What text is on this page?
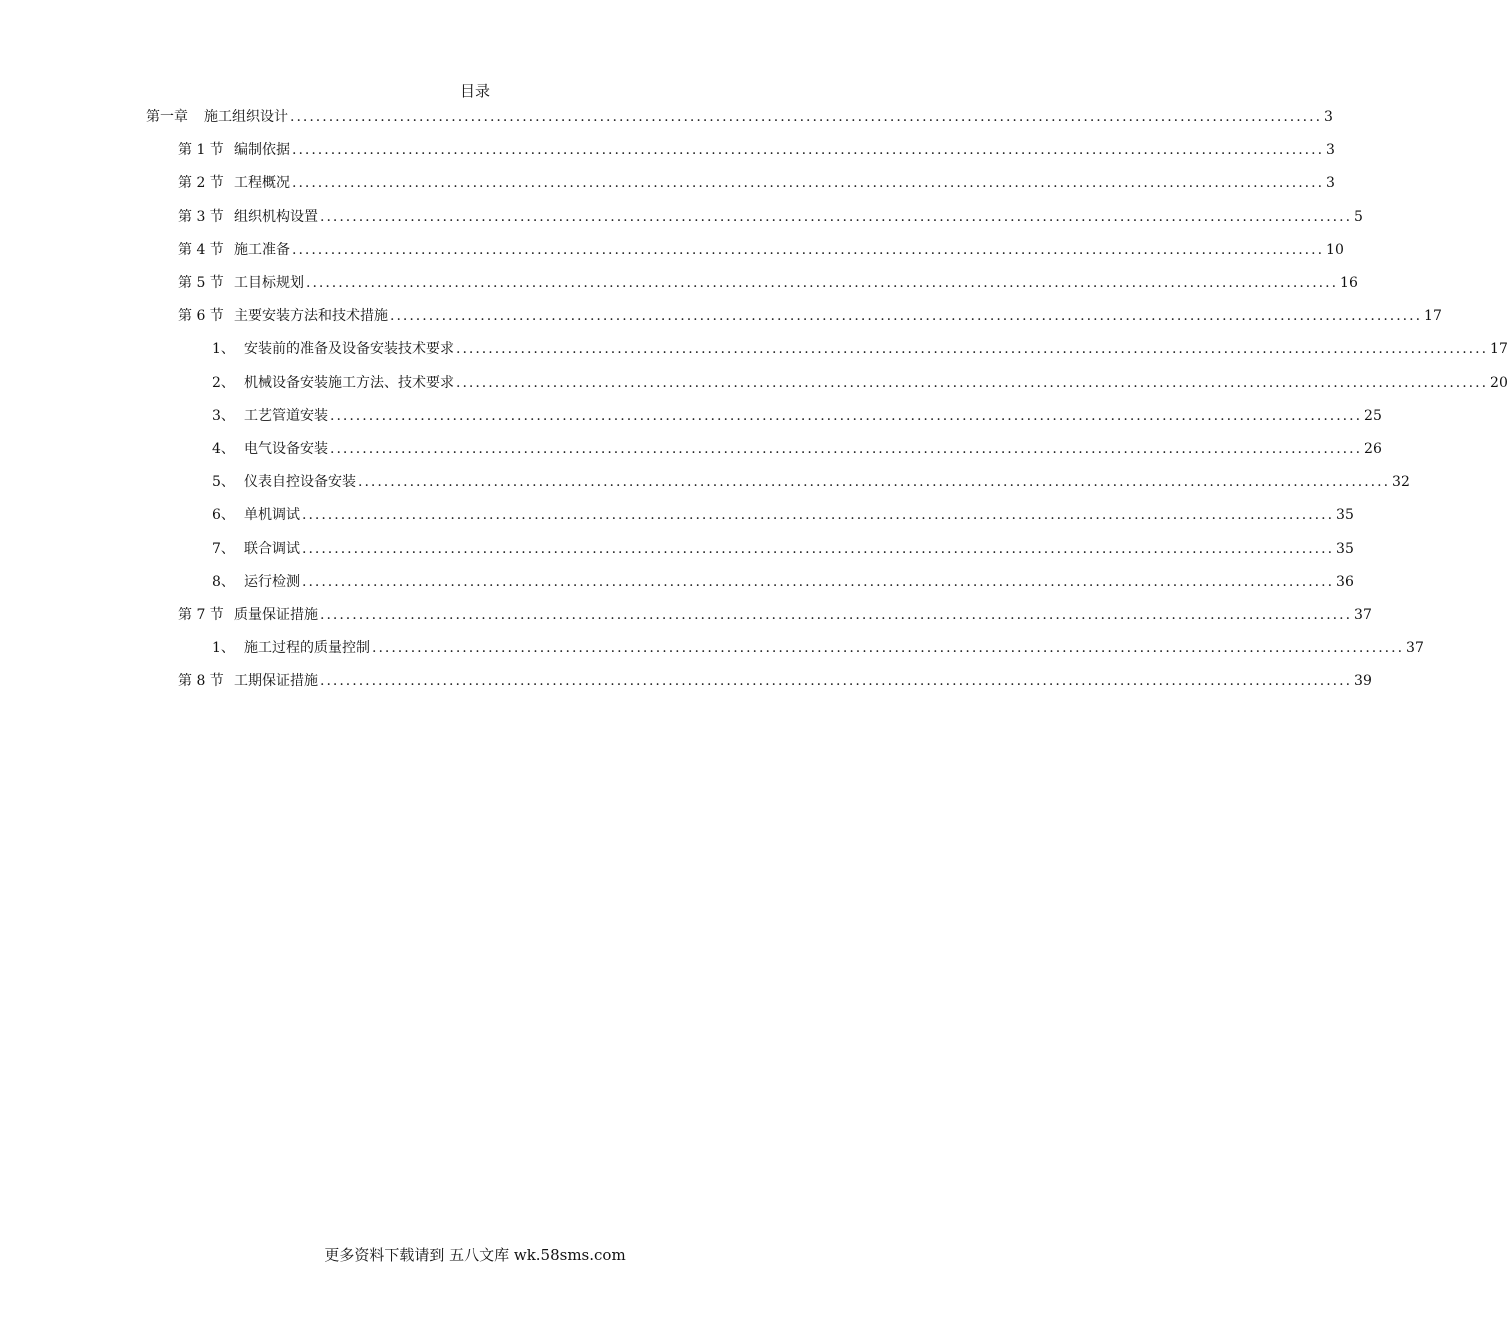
目录
第一章 施工组织设计 ................................................................................................................................................................ 3
第 1 节 编制依据 ................................................................................................................................................................ 3
第 2 节 工程概况 ................................................................................................................................................................ 3
第 3 节 组织机构设置 ................................................................................................................................................................ 5
第 4 节 施工准备 ................................................................................................................................................................ 10
第 5 节 工目标规划 ................................................................................................................................................................ 16
第 6 节 主要安装方法和技术措施 ................................................................................................................................................................ 17
1、 安装前的准备及设备安装技术要求 ................................................................................................................................................................ 17
2、 机械设备安装施工方法、技术要求 ................................................................................................................................................................ 20
3、 工艺管道安装 ................................................................................................................................................................ 25
4、 电气设备安装 ................................................................................................................................................................ 26
5、 仪表自控设备安装 ................................................................................................................................................................ 32
6、 单机调试 ................................................................................................................................................................ 35
7、 联合调试 ................................................................................................................................................................ 35
8、 运行检测 ................................................................................................................................................................ 36
第 7 节 质量保证措施 ................................................................................................................................................................ 37
1、 施工过程的质量控制 ................................................................................................................................................................ 37
第 8 节 工期保证措施 ................................................................................................................................................................ 39
更多资料下载请到 五八文库 wk.58sms.com
